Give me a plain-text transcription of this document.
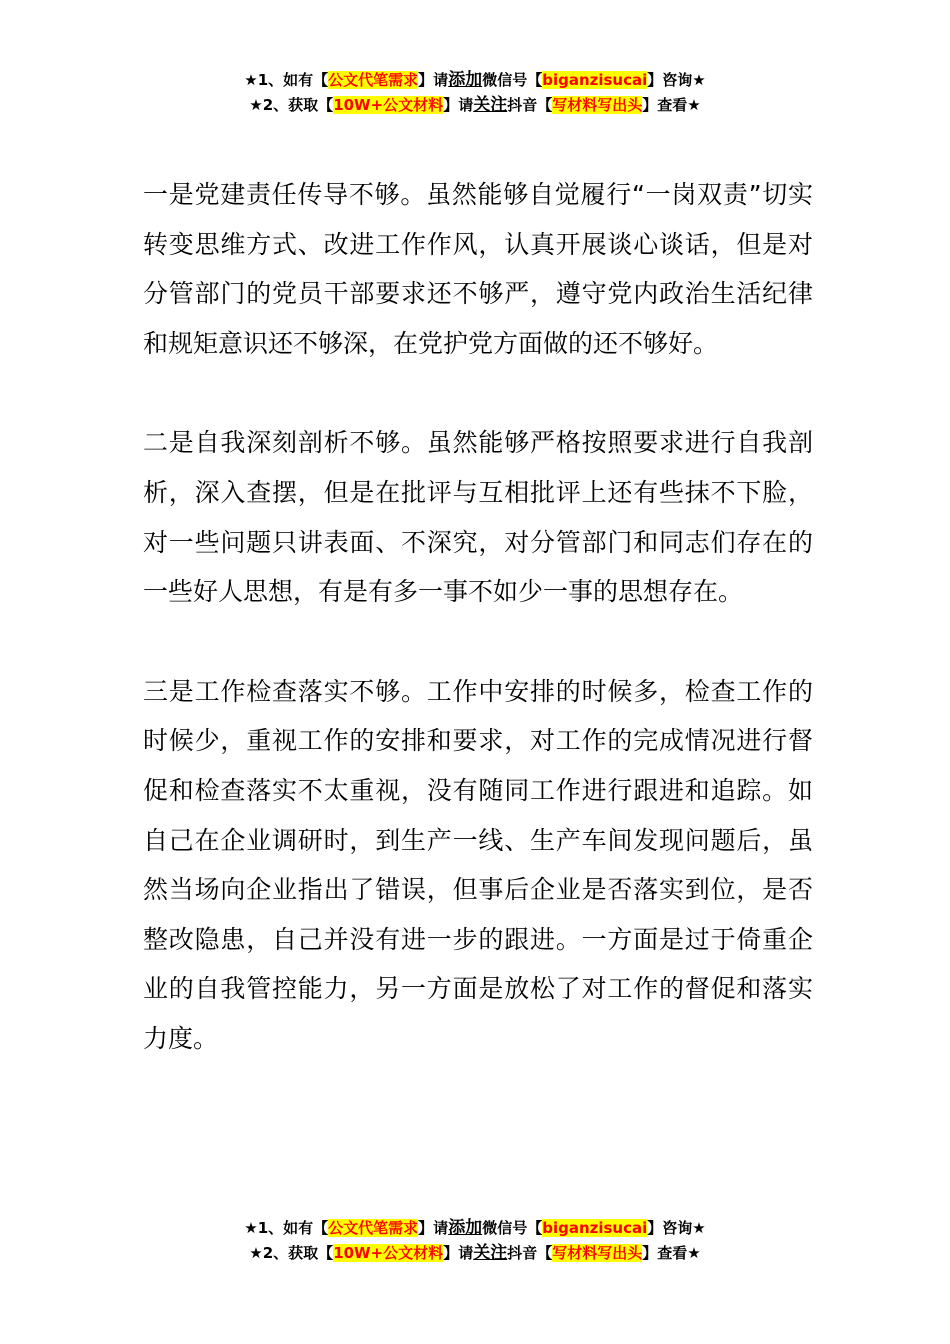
★1、如有【公文代笔需求】请添加微信号【biganzisucai】咨询★
★2、获取【10W+公文材料】请关注抖音【写材料写出头】查看★

一是党建责任传导不够。虽然能够自觉履行“一岗双责”切实转变思维方式、改进工作作风，认真开展谈心谈话，但是对分管部门的党员干部要求还不够严，遵守党内政治生活纪律和规矩意识还不够深，在党护党方面做的还不够好。

二是自我深刻剖析不够。虽然能够严格按照要求进行自我剖析，深入查摆，但是在批评与互相批评上还有些抹不下脸，对一些问题只讲表面、不深究，对分管部门和同志们存在的一些好人思想，有是有多一事不如少一事的思想存在。

三是工作检查落实不够。工作中安排的时候多，检查工作的时候少，重视工作的安排和要求，对工作的完成情况进行督促和检查落实不太重视，没有随同工作进行跟进和追踪。如自己在企业调研时，到生产一线、生产车间发现问题后，虽然当场向企业指出了错误，但事后企业是否落实到位，是否整改隐患，自己并没有进一步的跟进。一方面是过于倚重企业的自我管控能力，另一方面是放松了对工作的督促和落实力度。

★1、如有【公文代笔需求】请添加微信号【biganzisucai】咨询★
★2、获取【10W+公文材料】请关注抖音【写材料写出头】查看★
